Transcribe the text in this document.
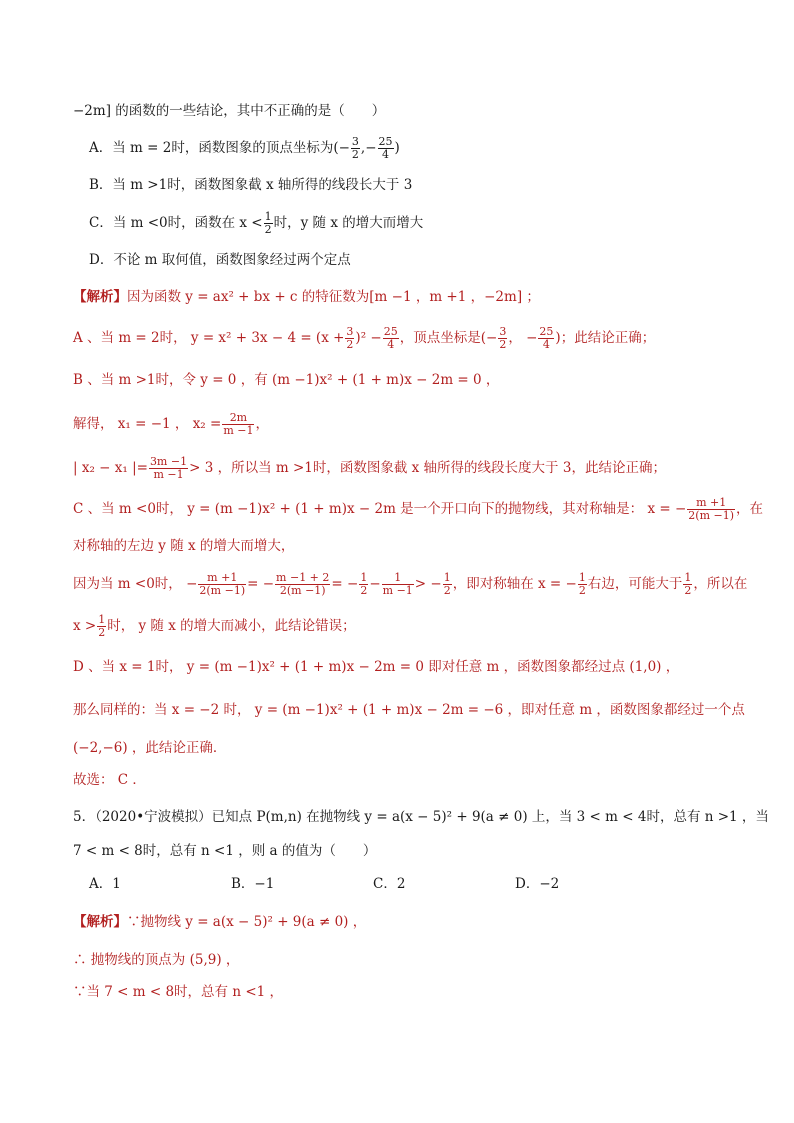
−2m] 的函数的一些结论，其中不正确的是（　　）
A．当 m = 2时，函数图象的顶点坐标为(− $\frac{3}{2}$ ,− $\frac{25}{4}$ )
B．当 m >1时，函数图象截 x 轴所得的线段长大于 3
C．当 m <0时，函数在 $x < \frac{1}{2}$ 时，y 随 x 的增大而增大
D．不论 m 取何值，函数图象经过两个定点
【解析】因为函数 y = ax² + bx + c 的特征数为[m −1 ，m +1 ，−2m] ；
A 、当 m = 2时， $y = x^2 + 3x - 4 = (x + \frac{3}{2} )^2 - \frac{25}{4}$ ，顶点坐标是(− $\frac{3}{2}$ ， − $\frac{25}{4}$ )；此结论正确；
B 、当 m >1时，令 y = 0 ，有 (m −1)x² + (1 + m)x − 2m = 0 ，
解得， x₁ = −1 ， $x_2 = \frac{2m}{m -1}$ ，
| x₂ − x₁ |= $\frac{3m -1}{m -1} > 3$ ，所以当 m >1时，函数图象截 x 轴所得的线段长度大于 3，此结论正确；
C 、当 m <0时， y = (m −1)x² + (1 + m)x − 2m 是一个开口向下的抛物线，其对称轴是： x = − $\frac{m +1}{2(m -1)}$ ，在
对称轴的左边 y 随 x 的增大而增大，
因为当 m <0时， − $\frac{m +1}{2(m -1)}$ = − $\frac{m -1 + 2}{2(m -1)}$ = − $\frac{1}{2} - \frac{1}{m -1}$ > − $\frac{1}{2}$ ，即对称轴在 x = − $\frac{1}{2}$ 右边，可能大于 $\frac{1}{2}$ ，所以在
$x > \frac{1}{2}$ 时， y 随 x 的增大而减小，此结论错误；
D 、当 x = 1时， y = (m −1)x² + (1 + m)x − 2m = 0 即对任意 m ，函数图象都经过点 (1,0) ，
那么同样的：当 x = −2 时， y = (m −1)x² + (1 + m)x − 2m = −6 ，即对任意 m ，函数图象都经过一个点
(−2,−6) ，此结论正确．
故选： C ．
5．（2020•宁波模拟）已知点 P(m,n) 在抛物线 y = a(x − 5)² + 9(a ≠ 0) 上，当 3 < m < 4时，总有 n >1 ，当
7 < m < 8时，总有 n <1 ，则 a 的值为（　　）
A．1	B．−1	C．2	D．−2
【解析】∵抛物线 y = a(x − 5)² + 9(a ≠ 0) ，
∴ 抛物线的顶点为 (5,9) ，
∵当 7 < m < 8时，总有 n <1 ，
